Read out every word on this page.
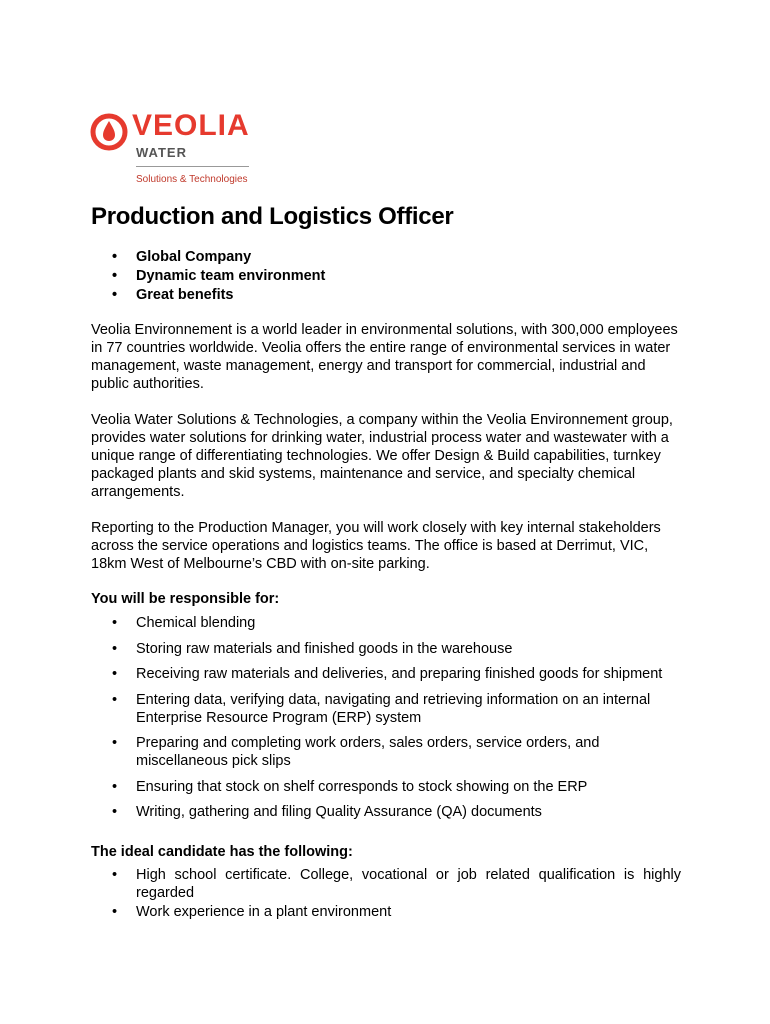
VEOLIA
WATER
Solutions & Technologies
Production and Logistics Officer
• Global Company
• Dynamic team environment
• Great benefits

Veolia Environnement is a world leader in environmental solutions, with 300,000 employees in 77 countries worldwide. Veolia offers the entire range of environmental services in water management, waste management, energy and transport for commercial, industrial and public authorities.

Veolia Water Solutions & Technologies, a company within the Veolia Environnement group, provides water solutions for drinking water, industrial process water and wastewater with a unique range of differentiating technologies. We offer Design & Build capabilities, turnkey packaged plants and skid systems, maintenance and service, and specialty chemical arrangements.

Reporting to the Production Manager, you will work closely with key internal stakeholders across the service operations and logistics teams. The office is based at Derrimut, VIC, 18km West of Melbourne’s CBD with on-site parking.

You will be responsible for:

• Chemical blending
• Storing raw materials and finished goods in the warehouse
• Receiving raw materials and deliveries, and preparing finished goods for shipment
• Entering data, verifying data, navigating and retrieving information on an internal Enterprise Resource Program (ERP) system
• Preparing and completing work orders, sales orders, service orders, and miscellaneous pick slips
• Ensuring that stock on shelf corresponds to stock showing on the ERP
• Writing, gathering and filing Quality Assurance (QA) documents

The ideal candidate has the following:

• High school certificate. College, vocational or job related qualification is highly regarded
• Work experience in a plant environment
